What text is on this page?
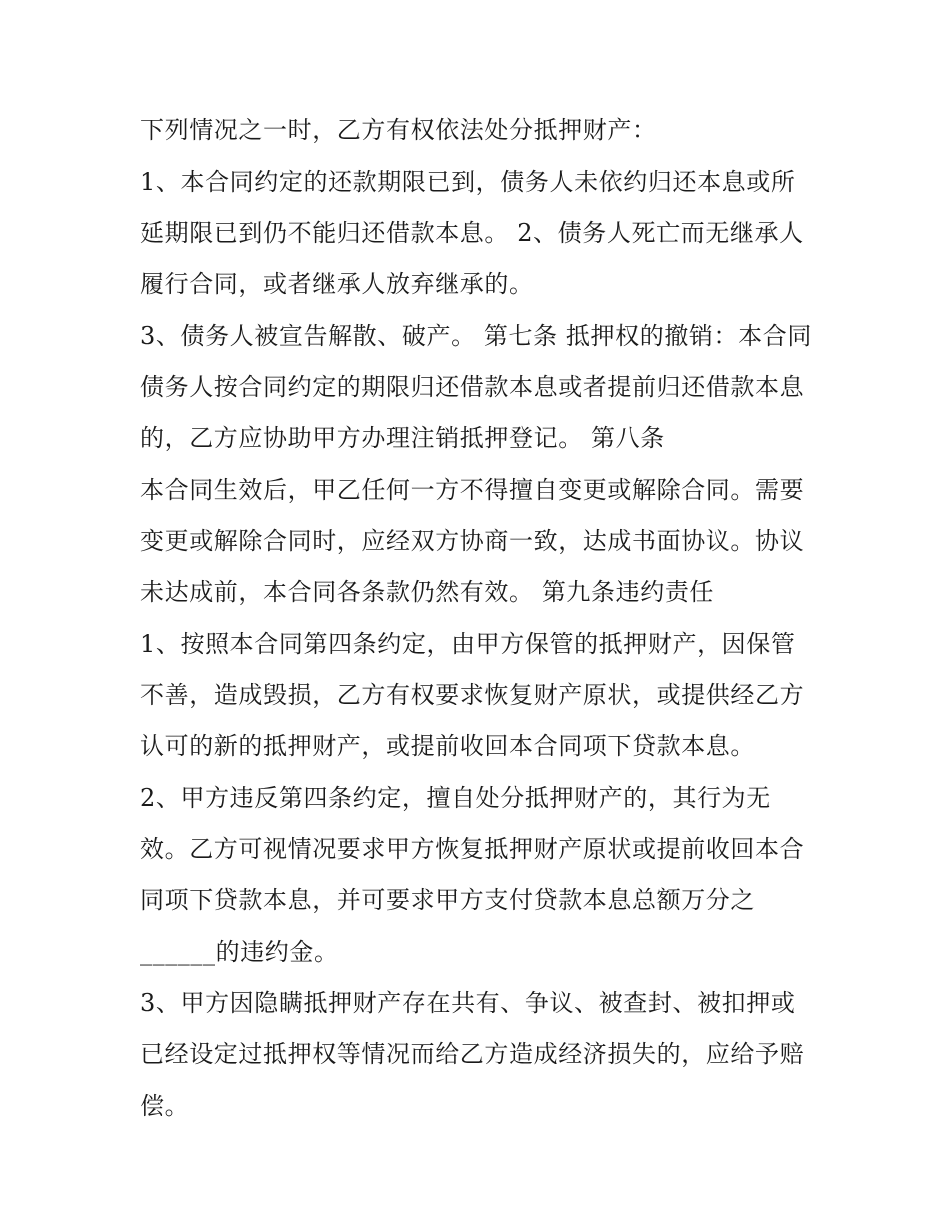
下列情况之一时，乙方有权依法处分抵押财产：
1、本合同约定的还款期限已到，债务人未依约归还本息或所
延期限已到仍不能归还借款本息。 2、债务人死亡而无继承人
履行合同，或者继承人放弃继承的。
3、债务人被宣告解散、破产。 第七条 抵押权的撤销：本合同
债务人按合同约定的期限归还借款本息或者提前归还借款本息
的，乙方应协助甲方办理注销抵押登记。 第八条
本合同生效后，甲乙任何一方不得擅自变更或解除合同。需要
变更或解除合同时，应经双方协商一致，达成书面协议。协议
未达成前，本合同各条款仍然有效。 第九条违约责任
1、按照本合同第四条约定，由甲方保管的抵押财产，因保管
不善，造成毁损，乙方有权要求恢复财产原状，或提供经乙方
认可的新的抵押财产，或提前收回本合同项下贷款本息。
2、甲方违反第四条约定，擅自处分抵押财产的，其行为无
效。乙方可视情况要求甲方恢复抵押财产原状或提前收回本合
同项下贷款本息，并可要求甲方支付贷款本息总额万分之
______的违约金。
3、甲方因隐瞒抵押财产存在共有、争议、被查封、被扣押或
已经设定过抵押权等情况而给乙方造成经济损失的，应给予赔
偿。
